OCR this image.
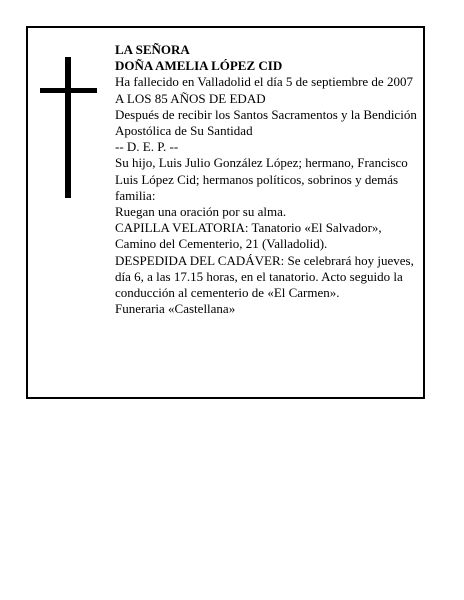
LA SEÑORA

DOÑA AMELIA LÓPEZ CID

Ha fallecido en Valladolid el día 5 de septiembre de 2007

A LOS 85 AÑOS DE EDAD

Después de recibir los Santos Sacramentos y la Bendición Apostólica de Su Santidad

-- D. E. P. --

Su hijo, Luis Julio González López; hermano, Francisco Luis López Cid; hermanos políticos, sobrinos y demás familia:

Ruegan una oración por su alma.

CAPILLA VELATORIA: Tanatorio «El Salvador», Camino del Cementerio, 21 (Valladolid).

DESPEDIDA DEL CADÁVER: Se celebrará hoy jueves, día 6, a las 17.15 horas, en el tanatorio. Acto seguido la conducción al cementerio de «El Carmen».

Funeraria «Castellana»
